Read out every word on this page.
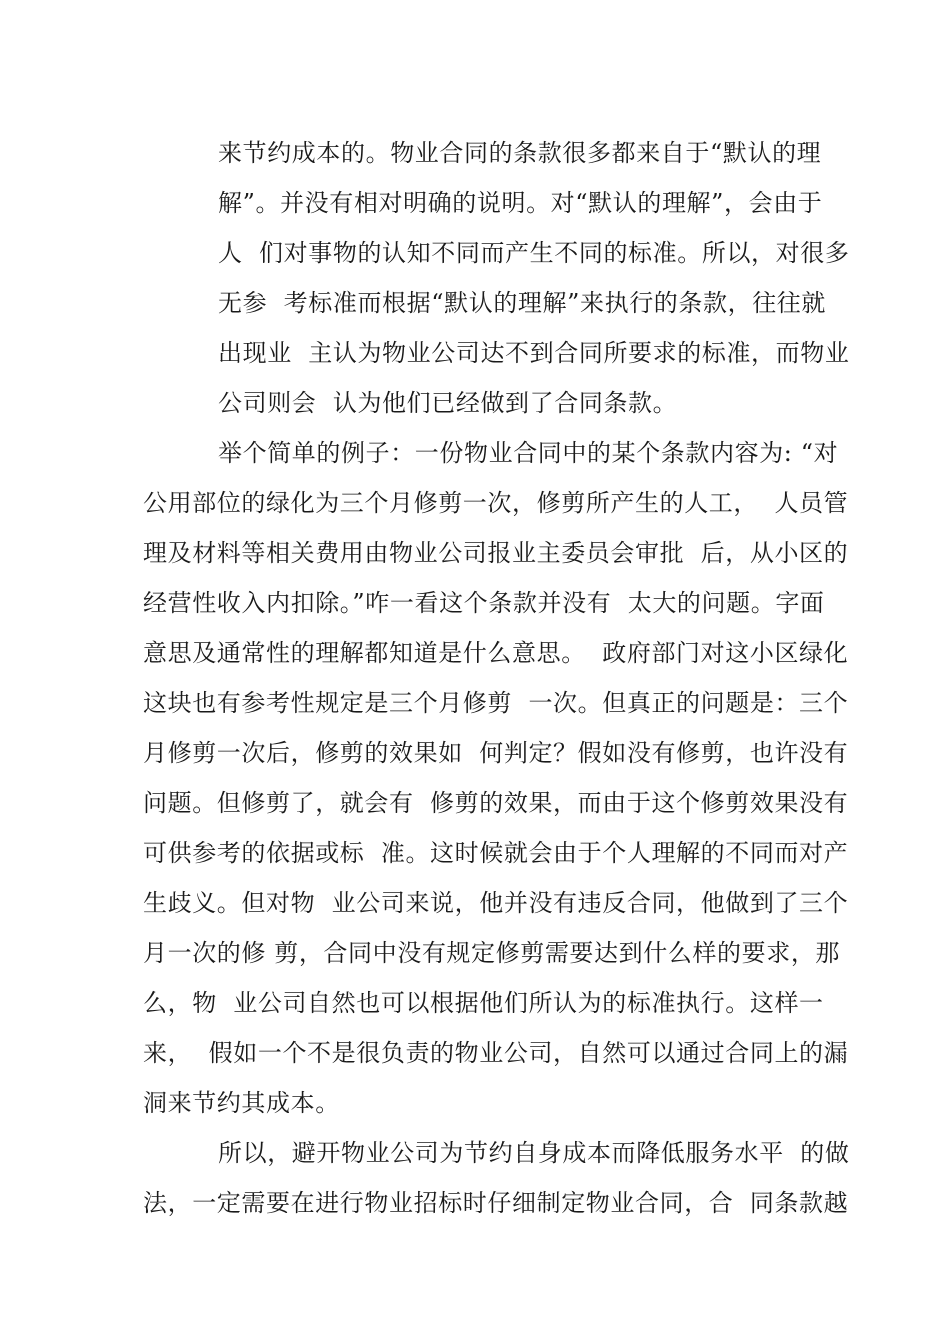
来节约成本的。物业合同的条款很多都来自于“默认的理
解”。并没有相对明确的说明。对“默认的理解”，会由于
人  们对事物的认知不同而产生不同的标准。所以，对很多
无参  考标准而根据“默认的理解”来执行的条款，往往就
出现业  主认为物业公司达不到合同所要求的标准，而物业
公司则会  认为他们已经做到了合同条款。
举个简单的例子：一份物业合同中的某个条款内容为: “对
公用部位的绿化为三个月修剪一次，修剪所产生的人工，  人员管
理及材料等相关费用由物业公司报业主委员会审批  后，从小区的
经营性收入内扣除。”咋一看这个条款并没有  太大的问题。字面
意思及通常性的理解都知道是什么意思。  政府部门对这小区绿化
这块也有参考性规定是三个月修剪  一次。但真正的问题是：三个
月修剪一次后，修剪的效果如  何判定？假如没有修剪，也许没有
问题。但修剪了，就会有  修剪的效果，而由于这个修剪效果没有
可供参考的依据或标  准。这时候就会由于个人理解的不同而对产
生歧义。但对物  业公司来说，他并没有违反合同，他做到了三个
月一次的修 剪，合同中没有规定修剪需要达到什么样的要求，那
么，物  业公司自然也可以根据他们所认为的标准执行。这样一
来，  假如一个不是很负责的物业公司，自然可以通过合同上的漏
洞来节约其成本。
所以，避开物业公司为节约自身成本而降低服务水平  的做
法，一定需要在进行物业招标时仔细制定物业合同，合  同条款越
